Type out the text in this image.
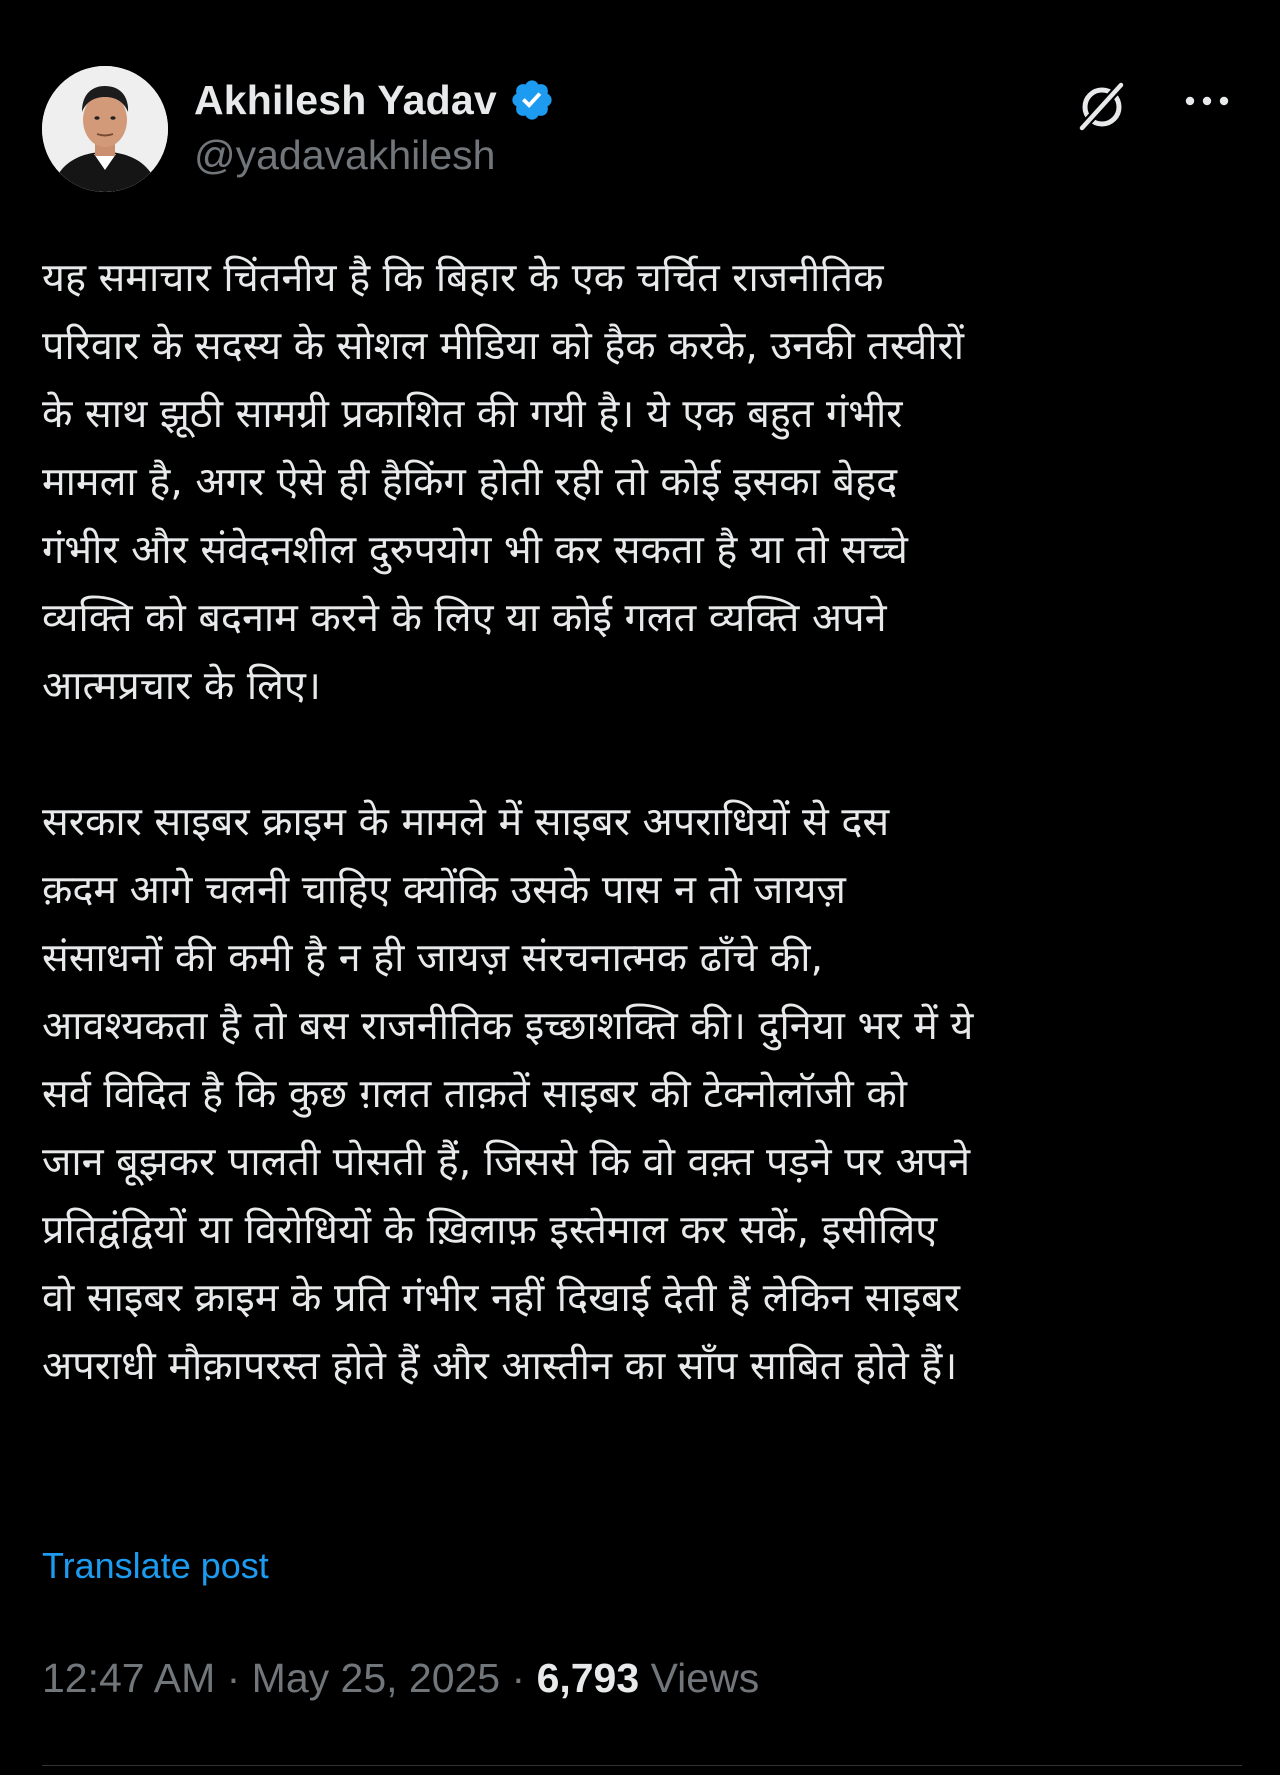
Akhilesh Yadav
@yadavakhilesh
यह समाचार चिंतनीय है कि बिहार के एक चर्चित राजनीतिक
परिवार के सदस्य के सोशल मीडिया को हैक करके, उनकी तस्वीरों
के साथ झूठी सामग्री प्रकाशित की गयी है। ये एक बहुत गंभीर
मामला है, अगर ऐसे ही हैकिंग होती रही तो कोई इसका बेहद
गंभीर और संवेदनशील दुरुपयोग भी कर सकता है या तो सच्चे
व्यक्ति को बदनाम करने के लिए या कोई गलत व्यक्ति अपने
आत्मप्रचार के लिए।
सरकार साइबर क्राइम के मामले में साइबर अपराधियों से दस
क़दम आगे चलनी चाहिए क्योंकि उसके पास न तो जायज़
संसाधनों की कमी है न ही जायज़ संरचनात्मक ढाँचे की,
आवश्यकता है तो बस राजनीतिक इच्छाशक्ति की। दुनिया भर में ये
सर्व विदित है कि कुछ ग़लत ताक़तें साइबर की टेक्नोलॉजी को
जान बूझकर पालती पोसती हैं, जिससे कि वो वक़्त पड़ने पर अपने
प्रतिद्वंद्वियों या विरोधियों के ख़िलाफ़ इस्तेमाल कर सकें, इसीलिए
वो साइबर क्राइम के प्रति गंभीर नहीं दिखाई देती हैं लेकिन साइबर
अपराधी मौक़ापरस्त होते हैं और आस्तीन का साँप साबित होते हैं।
Translate post
12:47 AM · May 25, 2025 · 6,793 Views
